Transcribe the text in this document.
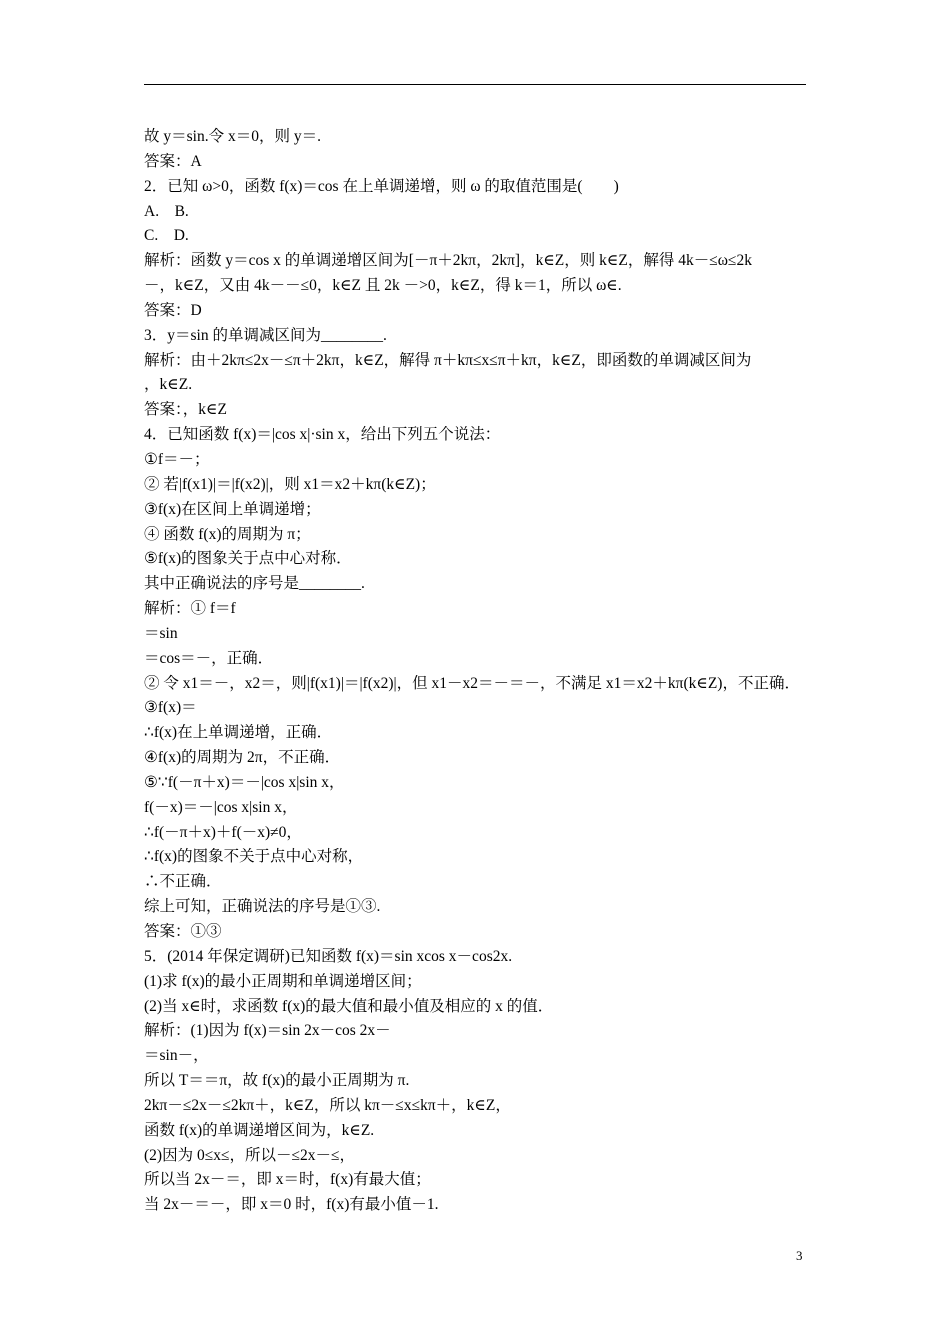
故 y＝sin.令 x＝0，则 y＝.
答案：A
2．已知 ω>0，函数 f(x)＝cos 在上单调递增，则 ω 的取值范围是(　　)
A.　B.
C.　D.
解析：函数 y＝cos x 的单调递增区间为[－π＋2kπ，2kπ]，k∈Z，则 k∈Z，解得 4k－≤ω≤2k
－，k∈Z，又由 4k－－≤0，k∈Z 且 2k －>0，k∈Z，得 k＝1，所以 ω∈.
答案：D
3．y＝sin 的单调减区间为________.
解析：由＋2kπ≤2x－≤π＋2kπ，k∈Z，解得 π＋kπ≤x≤π＋kπ，k∈Z，即函数的单调减区间为
，k∈Z.
答案：，k∈Z
4．已知函数 f(x)＝|cos x|·sin x，给出下列五个说法：
①f＝－；
② 若|f(x1)|＝|f(x2)|，则 x1＝x2＋kπ(k∈Z)；
③f(x)在区间上单调递增；
④ 函数 f(x)的周期为 π；
⑤f(x)的图象关于点中心对称．
其中正确说法的序号是________.
解析：① f＝f
＝sin
＝cos＝－，正确．
② 令 x1＝－，x2＝，则|f(x1)|＝|f(x2)|，但 x1－x2＝－＝－，不满足 x1＝x2＋kπ(k∈Z)，不正确．
③f(x)＝
∴f(x)在上单调递增，正确．
④f(x)的周期为 2π，不正确．
⑤∵f(－π＋x)＝－|cos x|sin x，
f(－x)＝－|cos x|sin x，
∴f(－π＋x)＋f(－x)≠0，
∴f(x)的图象不关于点中心对称，
∴不正确．
综上可知，正确说法的序号是①③.
答案：①③
5．(2014 年保定调研)已知函数 f(x)＝sin xcos x－cos2x.
(1)求 f(x)的最小正周期和单调递增区间；
(2)当 x∈时，求函数 f(x)的最大值和最小值及相应的 x 的值．
解析：(1)因为 f(x)＝sin 2x－cos 2x－
＝sin－，
所以 T＝＝π，故 f(x)的最小正周期为 π.
2kπ－≤2x－≤2kπ＋，k∈Z，所以 kπ－≤x≤kπ＋，k∈Z，
函数 f(x)的单调递增区间为，k∈Z.
(2)因为 0≤x≤，所以－≤2x－≤，
所以当 2x－＝，即 x＝时，f(x)有最大值；
当 2x－＝－，即 x＝0 时，f(x)有最小值－1.
3
